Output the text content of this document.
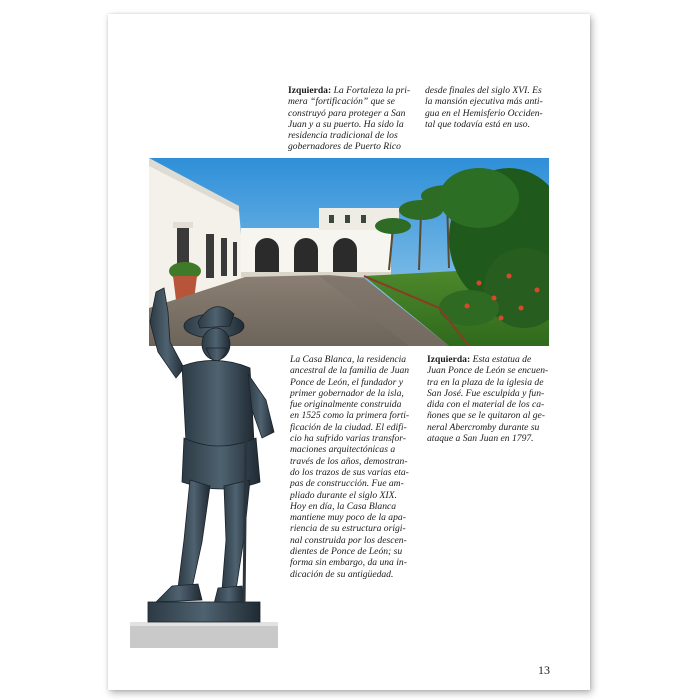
Izquierda: La Fortaleza la pri-
mera “fortificación” que se
construyó para proteger a San
Juan y a su puerto. Ha sido la
residencia tradicional de los
gobernadores de Puerto Rico

desde finales del siglo XVI. Es
la mansión ejecutiva más anti-
gua en el Hemisferio Occiden-
tal que todavía está en uso.

La Casa Blanca, la residencia
ancestral de la familia de Juan
Ponce de León, el fundador y
primer gobernador de la isla,
fue originalmente construida
en 1525 como la primera forti-
ficación de la ciudad. El edifi-
cio ha sufrido varias transfor-
maciones arquitectónicas a
través de los años, demostran-
do los trazos de sus varias eta-
pas de construcción. Fue am-
pliado durante el siglo XIX.
Hoy en día, la Casa Blanca
mantiene muy poco de la apa-
riencia de su estructura origi-
nal construida por los descen-
dientes de Ponce de León; su
forma sin embargo, da una in-
dicación de su antigüedad.

Izquierda: Esta estatua de
Juan Ponce de León se encuen-
tra en la plaza de la iglesia de
San José. Fue esculpida y fun-
dida con el material de los ca-
ñones que se le quitaron al ge-
neral Abercromby durante su
ataque a San Juan en 1797.

13
